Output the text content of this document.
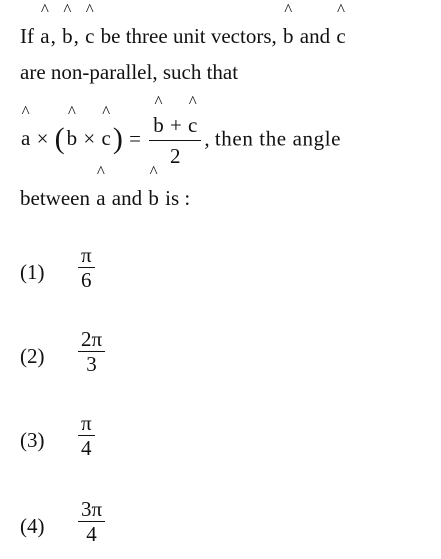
If
^
a,
^
b,
^
c be three unit vectors,
^
b and
^
c
are non-parallel, such that
^
a × (
^
b ×
^
c) = ^
b +
^
c
2 , then the angle
between
^
a and
^
b is :
$(1) \frac{\pi}{6}$
$(2) \frac{2\pi}{3}$
$(3) \frac{\pi}{4}$
$(4) \frac{3\pi}{4}$
